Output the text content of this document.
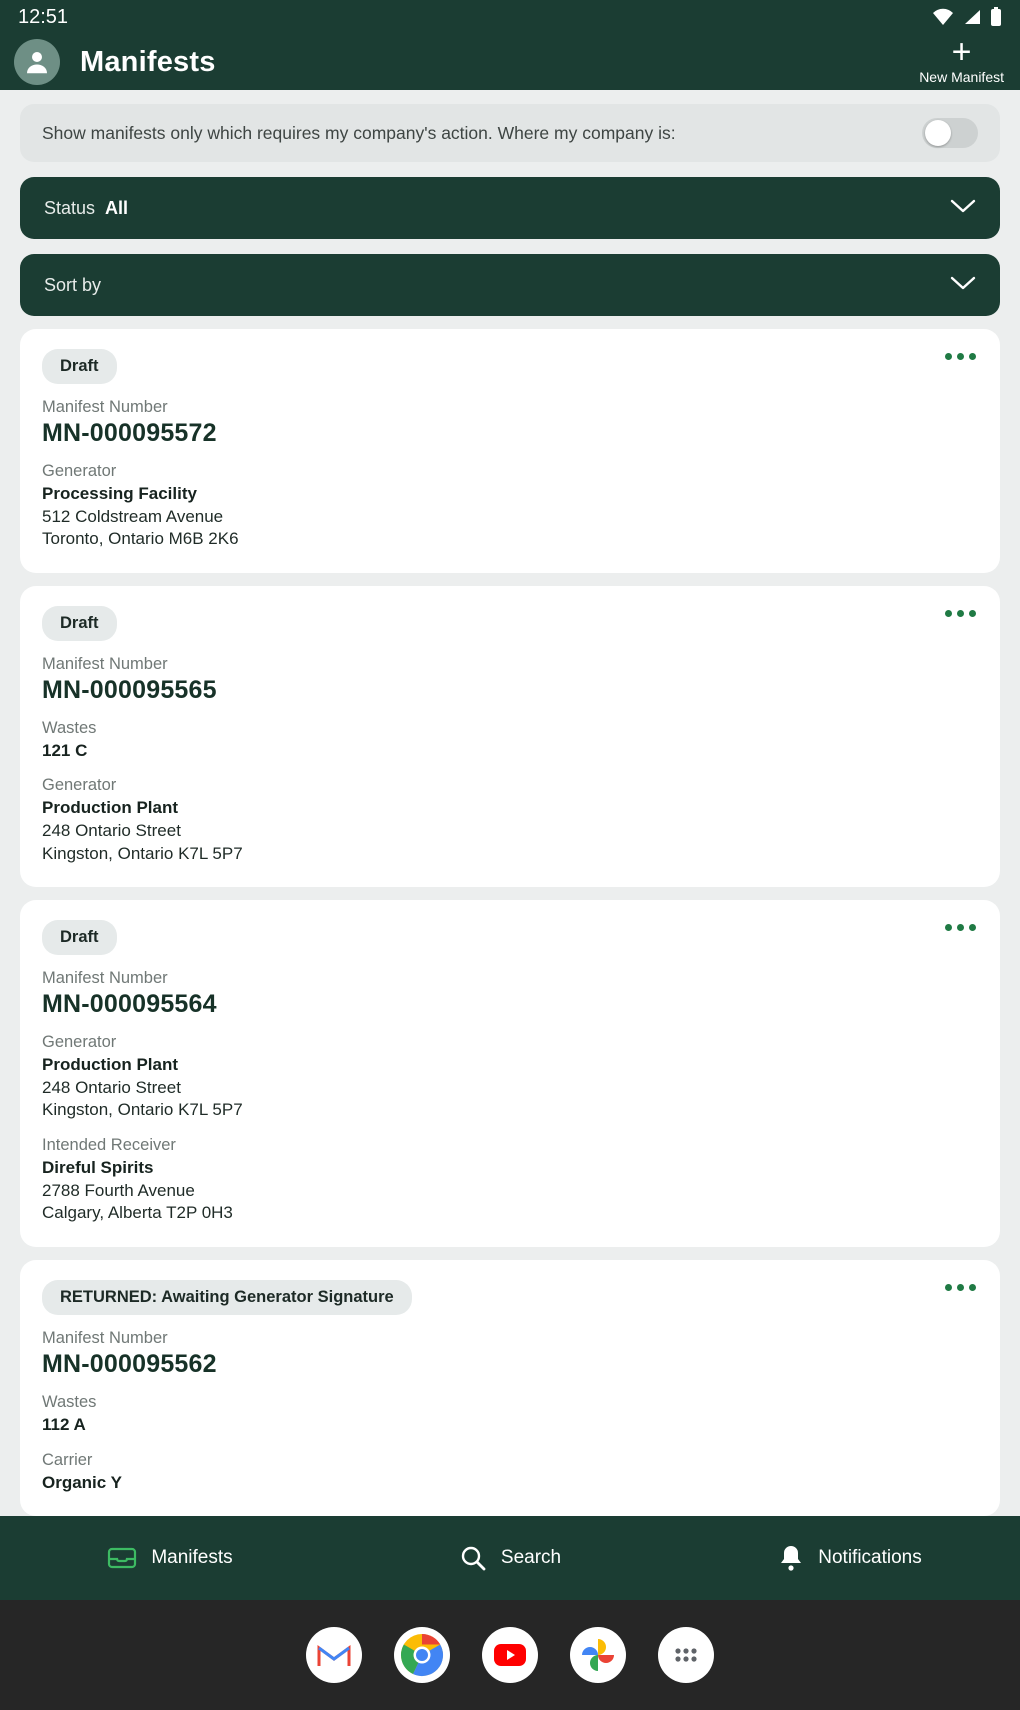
12:51
Manifests	+
New Manifest
Show manifests only which requires my company's action. Where my company is:
Status All
Sort by
Draft
Manifest Number
MN-000095572
Generator
Processing Facility
512 Coldstream Avenue
Toronto, Ontario M6B 2K6
Draft
Manifest Number
MN-000095565
Wastes
121 C
Generator
Production Plant
248 Ontario Street
Kingston, Ontario K7L 5P7
Draft
Manifest Number
MN-000095564
Generator
Production Plant
248 Ontario Street
Kingston, Ontario K7L 5P7
Intended Receiver
Direful Spirits
2788 Fourth Avenue
Calgary, Alberta T2P 0H3
RETURNED: Awaiting Generator Signature
Manifest Number
MN-000095562
Wastes
112 A
Carrier
Organic Y
Manifests	Search	Notifications
